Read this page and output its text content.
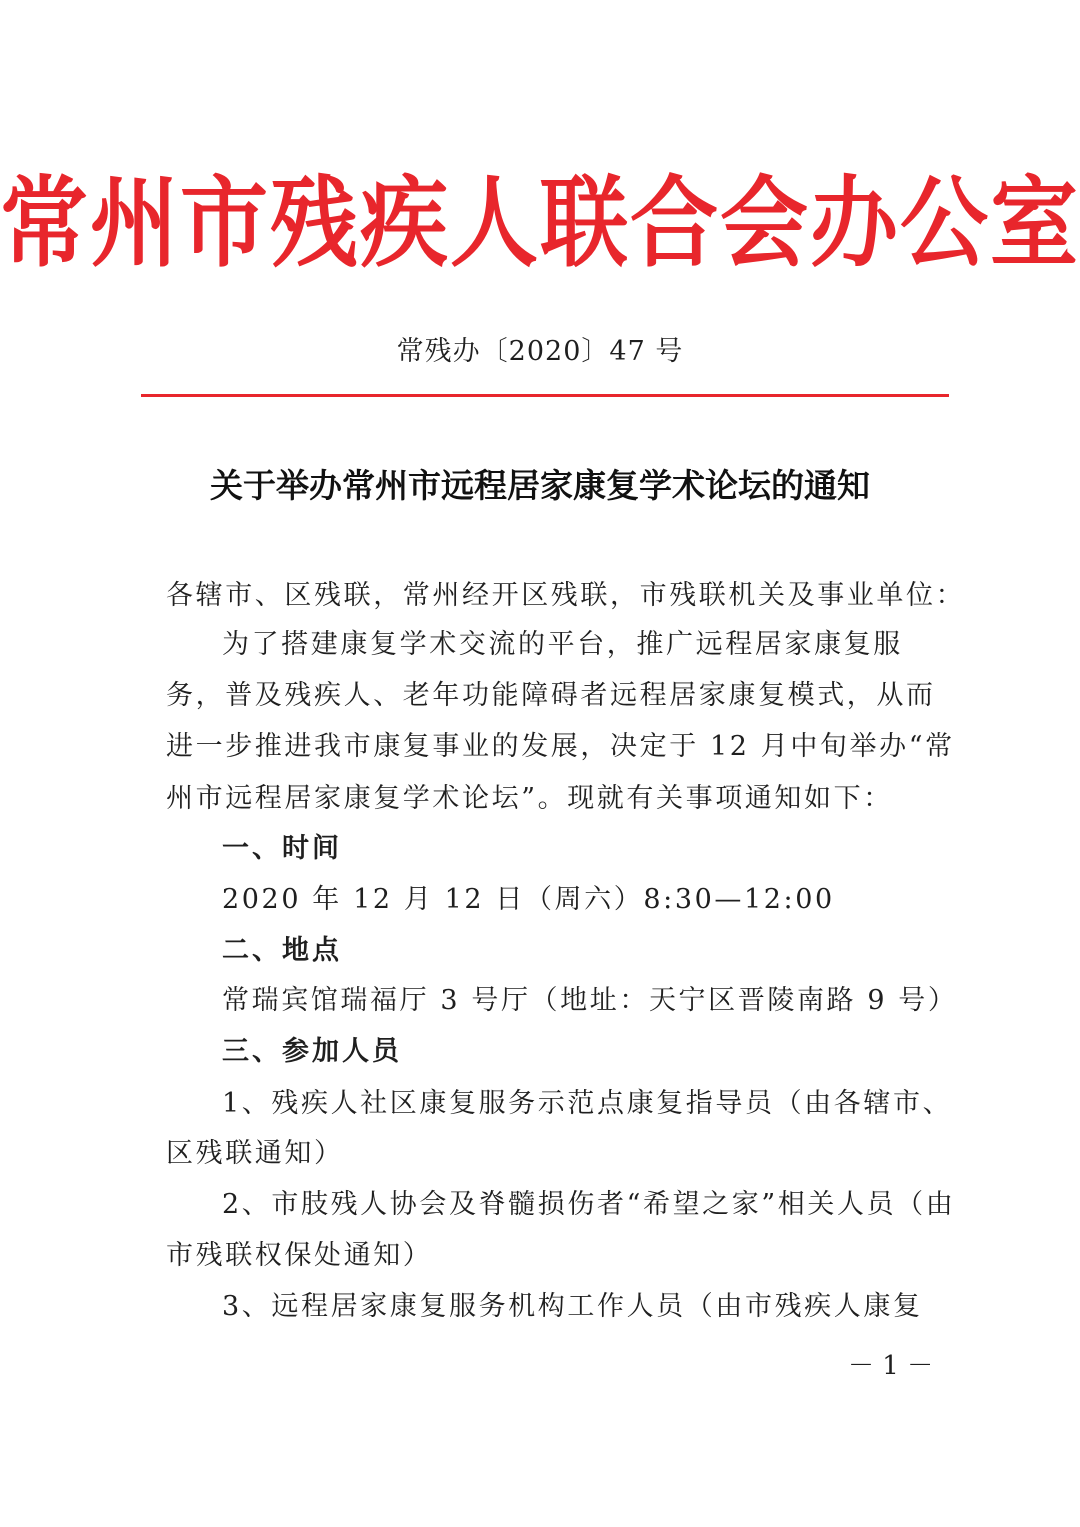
常州市残疾人联合会办公室
常残办〔2020〕47 号
关于举办常州市远程居家康复学术论坛的通知
各辖市、区残联，常州经开区残联，市残联机关及事业单位：
为了搭建康复学术交流的平台，推广远程居家康复服
务，普及残疾人、老年功能障碍者远程居家康复模式，从而
进一步推进我市康复事业的发展，决定于 12 月中旬举办“常
州市远程居家康复学术论坛”。现就有关事项通知如下：
一、时间
2020 年 12 月 12 日（周六）8:30—12:00
二、地点
常瑞宾馆瑞福厅 3 号厅（地址：天宁区晋陵南路 9 号）
三、参加人员
1、残疾人社区康复服务示范点康复指导员（由各辖市、
区残联通知）
2、市肢残人协会及脊髓损伤者“希望之家”相关人员（由
市残联权保处通知）
3、远程居家康复服务机构工作人员（由市残疾人康复
－ 1 －
